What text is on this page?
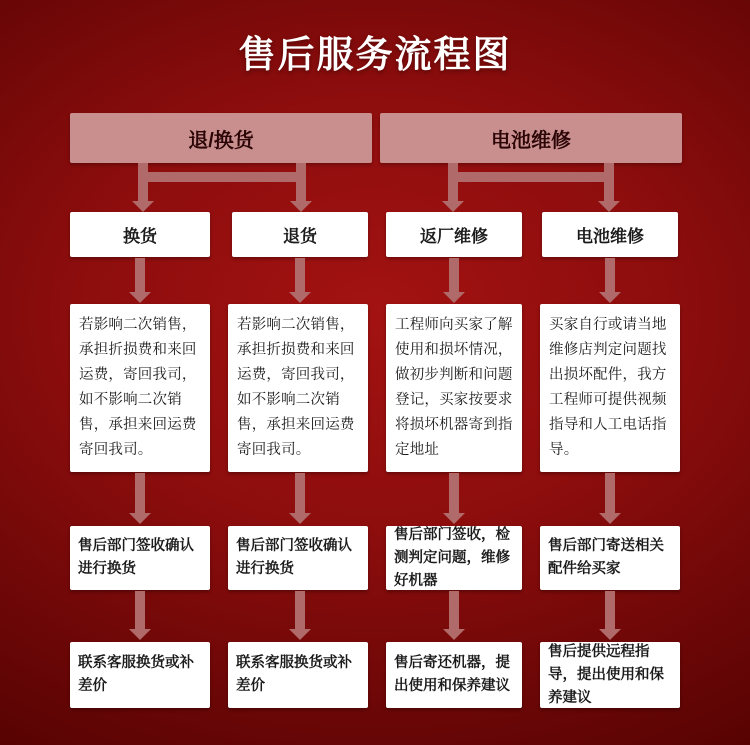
售后服务流程图
退/换货	电池维修
换货	退货	返厂维修	电池维修
若影响二次销售，承担折损费和来回运费，寄回我司，如不影响二次销售，承担来回运费寄回我司。
若影响二次销售，承担折损费和来回运费，寄回我司，如不影响二次销售，承担来回运费寄回我司。
工程师向买家了解使用和损坏情况，做初步判断和问题登记，买家按要求将损坏机器寄到指定地址
买家自行或请当地维修店判定问题找出损坏配件，我方工程师可提供视频指导和人工电话指导。
售后部门签收确认进行换货
售后部门签收确认进行换货
售后部门签收，检测判定问题，维修好机器
售后部门寄送相关配件给买家
联系客服换货或补差价
联系客服换货或补差价
售后寄还机器，提出使用和保养建议
售后提供远程指导，提出使用和保养建议
